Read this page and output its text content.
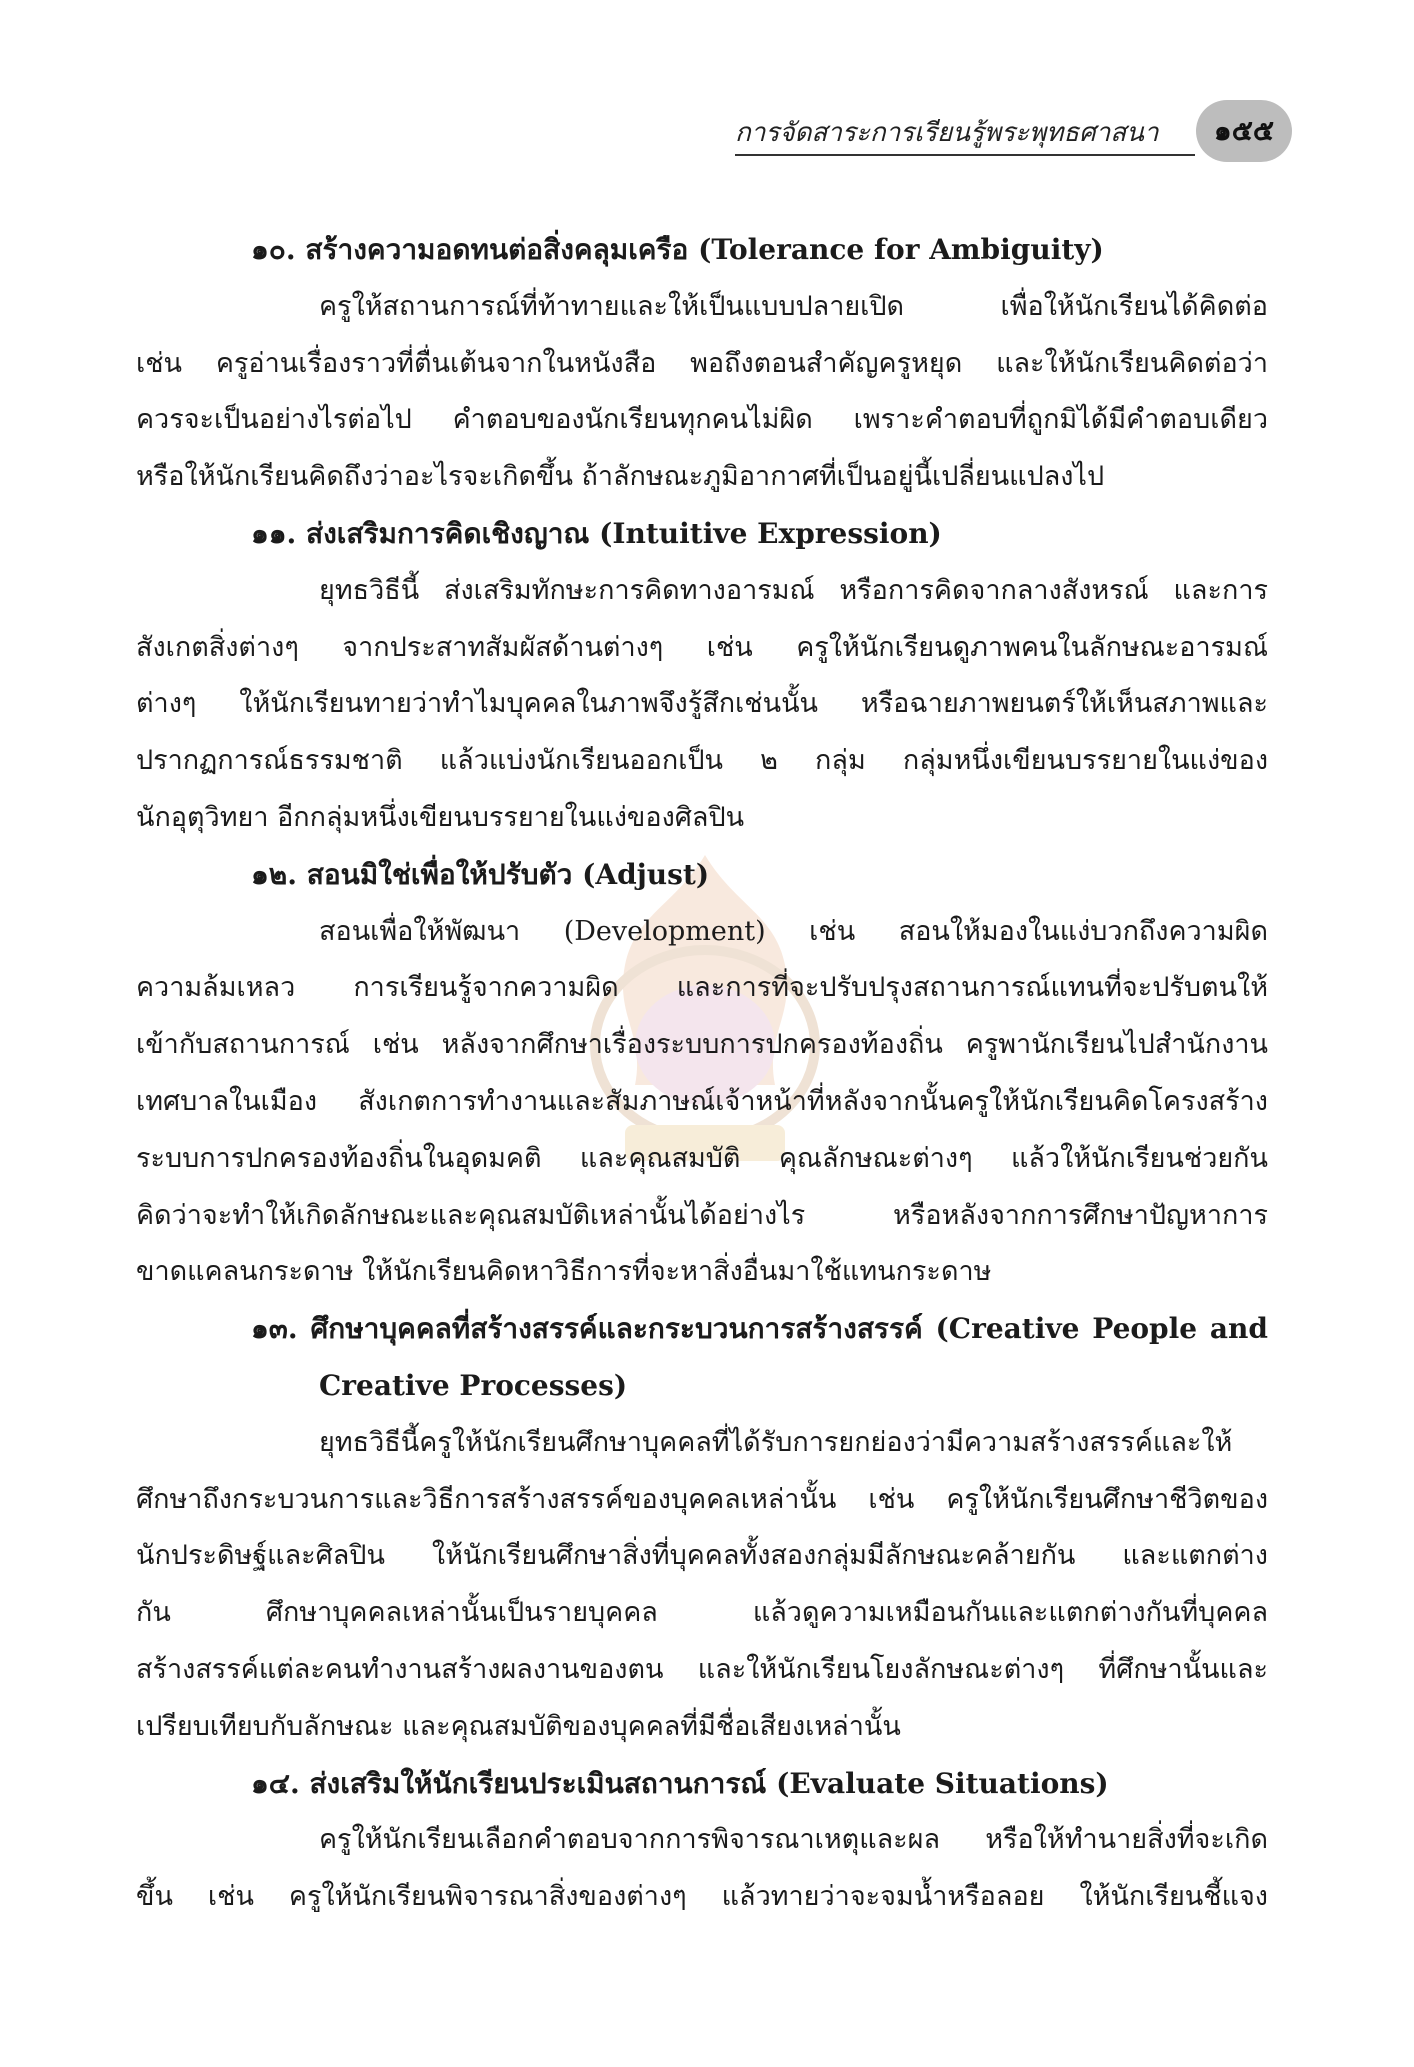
การจัดสาระการเรียนรู้พระพุทธศาสนา	๑๕๕
๑๐. สร้างความอดทนต่อสิ่งคลุมเครือ (Tolerance for Ambiguity)
ครูให้สถานการณ์ที่ท้าทายและให้เป็นแบบปลายเปิด เพื่อให้นักเรียนได้คิดต่อ
เช่น ครูอ่านเรื่องราวที่ตื่นเต้นจากในหนังสือ พอถึงตอนสำคัญครูหยุด และให้นักเรียนคิดต่อว่า
ควรจะเป็นอย่างไรต่อไป คำตอบของนักเรียนทุกคนไม่ผิด เพราะคำตอบที่ถูกมิได้มีคำตอบเดียว
หรือให้นักเรียนคิดถึงว่าอะไรจะเกิดขึ้น ถ้าลักษณะภูมิอากาศที่เป็นอยู่นี้เปลี่ยนแปลงไป
๑๑. ส่งเสริมการคิดเชิงญาณ (Intuitive Expression)
ยุทธวิธีนี้ ส่งเสริมทักษะการคิดทางอารมณ์ หรือการคิดจากลางสังหรณ์ และการ
สังเกตสิ่งต่างๆ จากประสาทสัมผัสด้านต่างๆ เช่น ครูให้นักเรียนดูภาพคนในลักษณะอารมณ์
ต่างๆ ให้นักเรียนทายว่าทำไมบุคคลในภาพจึงรู้สึกเช่นนั้น หรือฉายภาพยนตร์ให้เห็นสภาพและ
ปรากฏการณ์ธรรมชาติ แล้วแบ่งนักเรียนออกเป็น ๒ กลุ่ม กลุ่มหนึ่งเขียนบรรยายในแง่ของ
นักอุตุวิทยา อีกกลุ่มหนึ่งเขียนบรรยายในแง่ของศิลปิน
๑๒. สอนมิใช่เพื่อให้ปรับตัว (Adjust)
สอนเพื่อให้พัฒนา (Development) เช่น สอนให้มองในแง่บวกถึงความผิด
ความล้มเหลว การเรียนรู้จากความผิด และการที่จะปรับปรุงสถานการณ์แทนที่จะปรับตนให้
เข้ากับสถานการณ์ เช่น หลังจากศึกษาเรื่องระบบการปกครองท้องถิ่น ครูพานักเรียนไปสำนักงาน
เทศบาลในเมือง สังเกตการทำงานและสัมภาษณ์เจ้าหน้าที่หลังจากนั้นครูให้นักเรียนคิดโครงสร้าง
ระบบการปกครองท้องถิ่นในอุดมคติ และคุณสมบัติ คุณลักษณะต่างๆ แล้วให้นักเรียนช่วยกัน
คิดว่าจะทำให้เกิดลักษณะและคุณสมบัติเหล่านั้นได้อย่างไร หรือหลังจากการศึกษาปัญหาการ
ขาดแคลนกระดาษ ให้นักเรียนคิดหาวิธีการที่จะหาสิ่งอื่นมาใช้แทนกระดาษ
๑๓. ศึกษาบุคคลที่สร้างสรรค์และกระบวนการสร้างสรรค์ (Creative People and
Creative Processes)
ยุทธวิธีนี้ครูให้นักเรียนศึกษาบุคคลที่ได้รับการยกย่องว่ามีความสร้างสรรค์และให้
ศึกษาถึงกระบวนการและวิธีการสร้างสรรค์ของบุคคลเหล่านั้น เช่น ครูให้นักเรียนศึกษาชีวิตของ
นักประดิษฐ์และศิลปิน ให้นักเรียนศึกษาสิ่งที่บุคคลทั้งสองกลุ่มมีลักษณะคล้ายกัน และแตกต่าง
กัน ศึกษาบุคคลเหล่านั้นเป็นรายบุคคล แล้วดูความเหมือนกันและแตกต่างกันที่บุคคล
สร้างสรรค์แต่ละคนทำงานสร้างผลงานของตน และให้นักเรียนโยงลักษณะต่างๆ ที่ศึกษานั้นและ
เปรียบเทียบกับลักษณะ และคุณสมบัติของบุคคลที่มีชื่อเสียงเหล่านั้น
๑๔. ส่งเสริมให้นักเรียนประเมินสถานการณ์ (Evaluate Situations)
ครูให้นักเรียนเลือกคำตอบจากการพิจารณาเหตุและผล หรือให้ทำนายสิ่งที่จะเกิด
ขึ้น เช่น ครูให้นักเรียนพิจารณาสิ่งของต่างๆ แล้วทายว่าจะจมน้ำหรือลอย ให้นักเรียนชี้แจง
